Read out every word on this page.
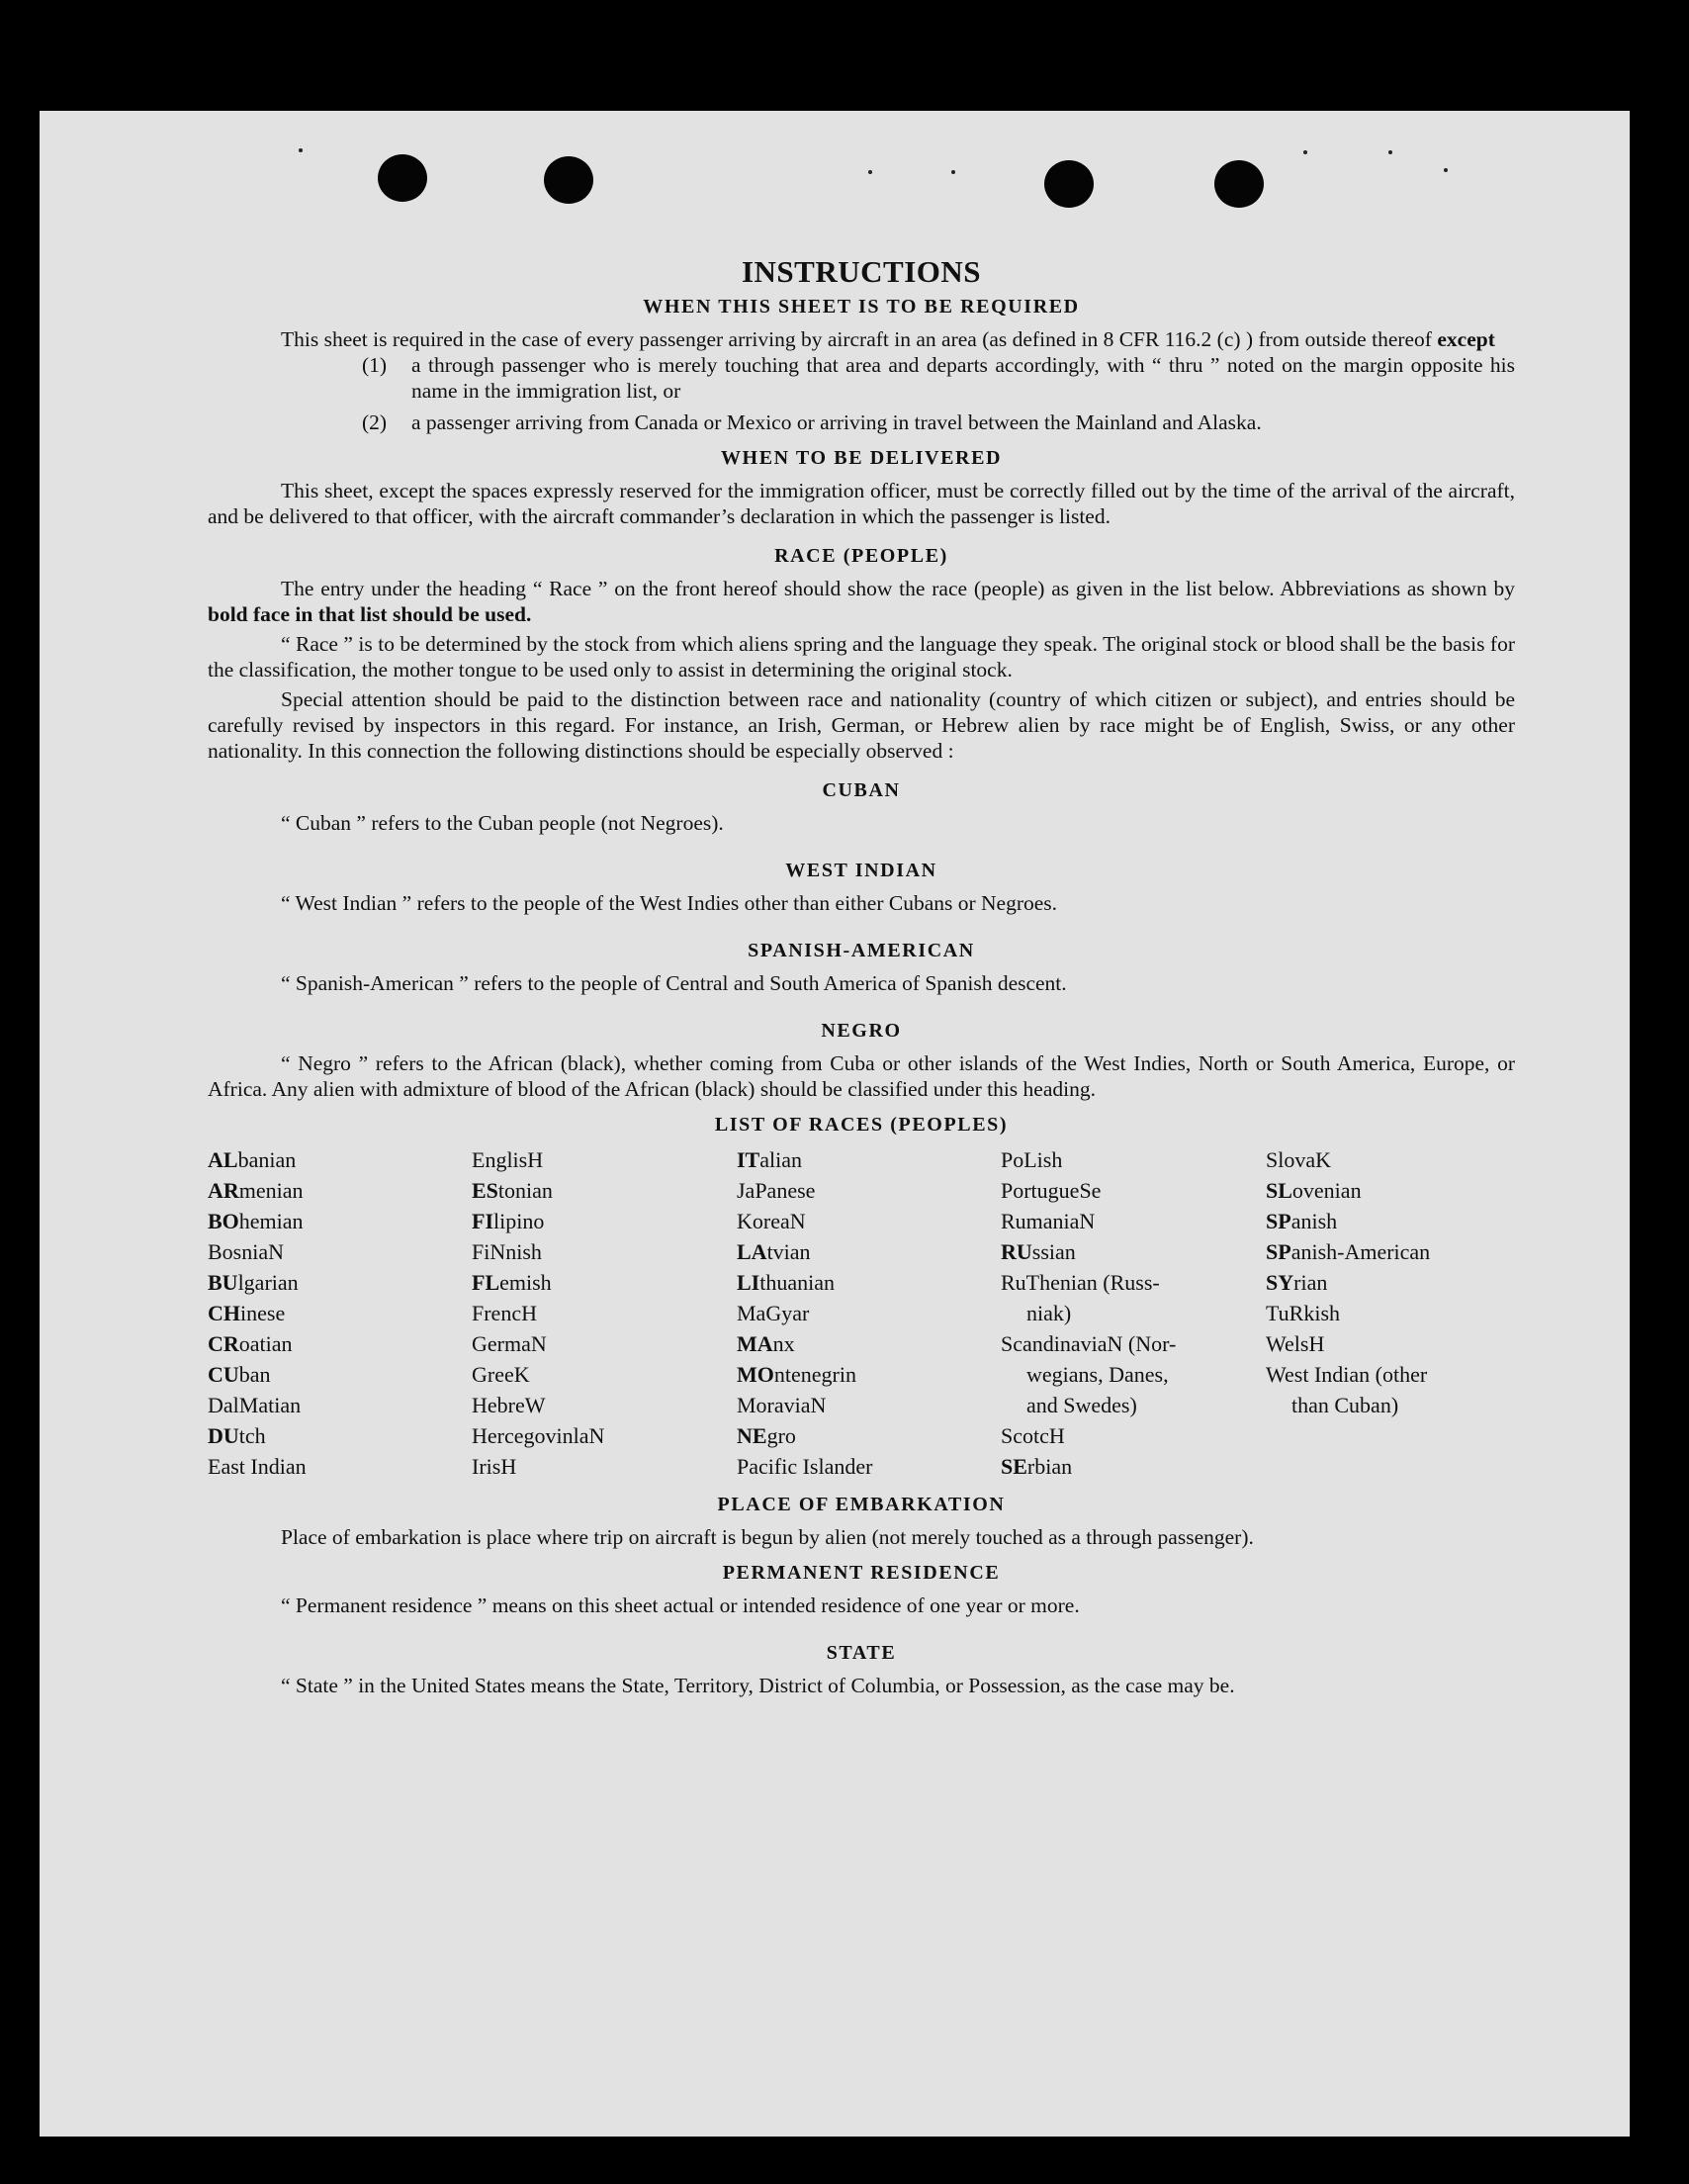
INSTRUCTIONS
WHEN THIS SHEET IS TO BE REQUIRED

This sheet is required in the case of every passenger arriving by aircraft in an area (as defined in 8 CFR 116.2 (c) ) from outside thereof except

(1)	a through passenger who is merely touching that area and departs accordingly, with “ thru ” noted on the margin opposite his name in the immigration list, or
(2)	a passenger arriving from Canada or Mexico or arriving in travel between the Mainland and Alaska.
WHEN TO BE DELIVERED

This sheet, except the spaces expressly reserved for the immigration officer, must be correctly filled out by the time of the arrival of the aircraft, and be delivered to that officer, with the aircraft commander’s declaration in which the passenger is listed.

RACE (PEOPLE)

The entry under the heading “ Race ” on the front hereof should show the race (people) as given in the list below. Abbreviations as shown by bold face in that list should be used.

“ Race ” is to be determined by the stock from which aliens spring and the language they speak. The original stock or blood shall be the basis for the classification, the mother tongue to be used only to assist in determining the original stock.

Special attention should be paid to the distinction between race and nationality (country of which citizen or subject), and entries should be carefully revised by inspectors in this regard. For instance, an Irish, German, or Hebrew alien by race might be of English, Swiss, or any other nationality. In this connection the following distinctions should be especially observed :

CUBAN

“ Cuban ” refers to the Cuban people (not Negroes).

WEST INDIAN

“ West Indian ” refers to the people of the West Indies other than either Cubans or Negroes.

SPANISH-AMERICAN

“ Spanish-American ” refers to the people of Central and South America of Spanish descent.

NEGRO

“ Negro ” refers to the African (black), whether coming from Cuba or other islands of the West Indies, North or South America, Europe, or Africa. Any alien with admixture of blood of the African (black) should be classified under this heading.

LIST OF RACES (PEOPLES)
ALbanian
ARmenian
BOhemian
BosniaN
BUlgarian
CHinese
CRoatian
CUban
DalMatian
DUtch
East Indian
EnglisH
EStonian
FIlipino
FiNnish
FLemish
FrencH
GermaN
GreeK
HebreW
HercegovinlaN
IrisH
ITalian
JaPanese
KoreaN
LAtvian
LIthuanian
MaGyar
MAnx
MOntenegrin
MoraviaN
NEgro
Pacific Islander
PoLish
PortugueSe
RumaniaN
RUssian
RuThenian (Russ-
niak)
ScandinaviaN (Nor-
wegians, Danes,
and Swedes)
ScotcH
SErbian
SlovaK
SLovenian
SPanish
SPanish-American
SYrian
TuRkish
WelsH
West Indian (other
than Cuban)
PLACE OF EMBARKATION

Place of embarkation is place where trip on aircraft is begun by alien (not merely touched as a through passenger).

PERMANENT RESIDENCE

“ Permanent residence ” means on this sheet actual or intended residence of one year or more.

STATE

“ State ” in the United States means the State, Territory, District of Columbia, or Possession, as the case may be.
